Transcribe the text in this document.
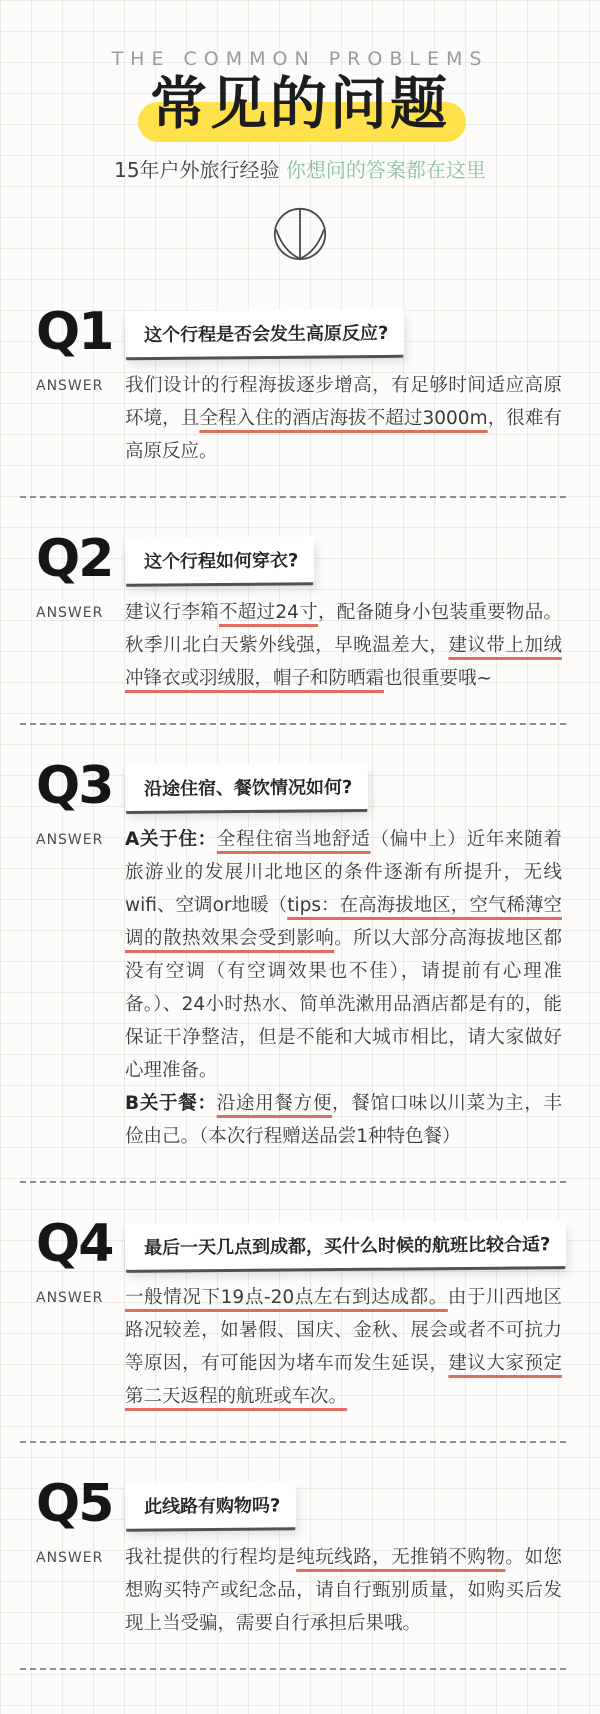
THE COMMON PROBLEMS
常见的问题
15年户外旅行经验 你想问的答案都在这里
Q1	这个行程是否会发生高原反应?
ANSWER	我们设计的行程海拔逐步增高，有足够时间适应高原环境，且全程入住的酒店海拔不超过3000m，很难有高原反应。

Q2	这个行程如何穿衣?
ANSWER	建议行李箱不超过24寸，配备随身小包装重要物品。秋季川北白天紫外线强，早晚温差大，建议带上加绒冲锋衣或羽绒服，帽子和防晒霜也很重要哦~

Q3	沿途住宿、餐饮情况如何?
ANSWER	A关于住：全程住宿当地舒适（偏中上）近年来随着旅游业的发展川北地区的条件逐渐有所提升，无线wifi、空调or地暖（tips：在高海拔地区，空气稀薄空调的散热效果会受到影响。所以大部分高海拔地区都没有空调（有空调效果也不佳），请提前有心理准备。）、24小时热水、简单洗漱用品酒店都是有的，能保证干净整洁，但是不能和大城市相比，请大家做好心理准备。

B关于餐：沿途用餐方便，餐馆口味以川菜为主，丰俭由己。（本次行程赠送品尝1种特色餐）

Q4	最后一天几点到成都，买什么时候的航班比较合适?
ANSWER	一般情况下19点-20点左右到达成都。由于川西地区路况较差，如暑假、国庆、金秋、展会或者不可抗力等原因，有可能因为堵车而发生延误，建议大家预定第二天返程的航班或车次。

Q5	此线路有购物吗?
ANSWER	我社提供的行程均是纯玩线路，无推销不购物。如您想购买特产或纪念品，请自行甄别质量，如购买后发现上当受骗，需要自行承担后果哦。
